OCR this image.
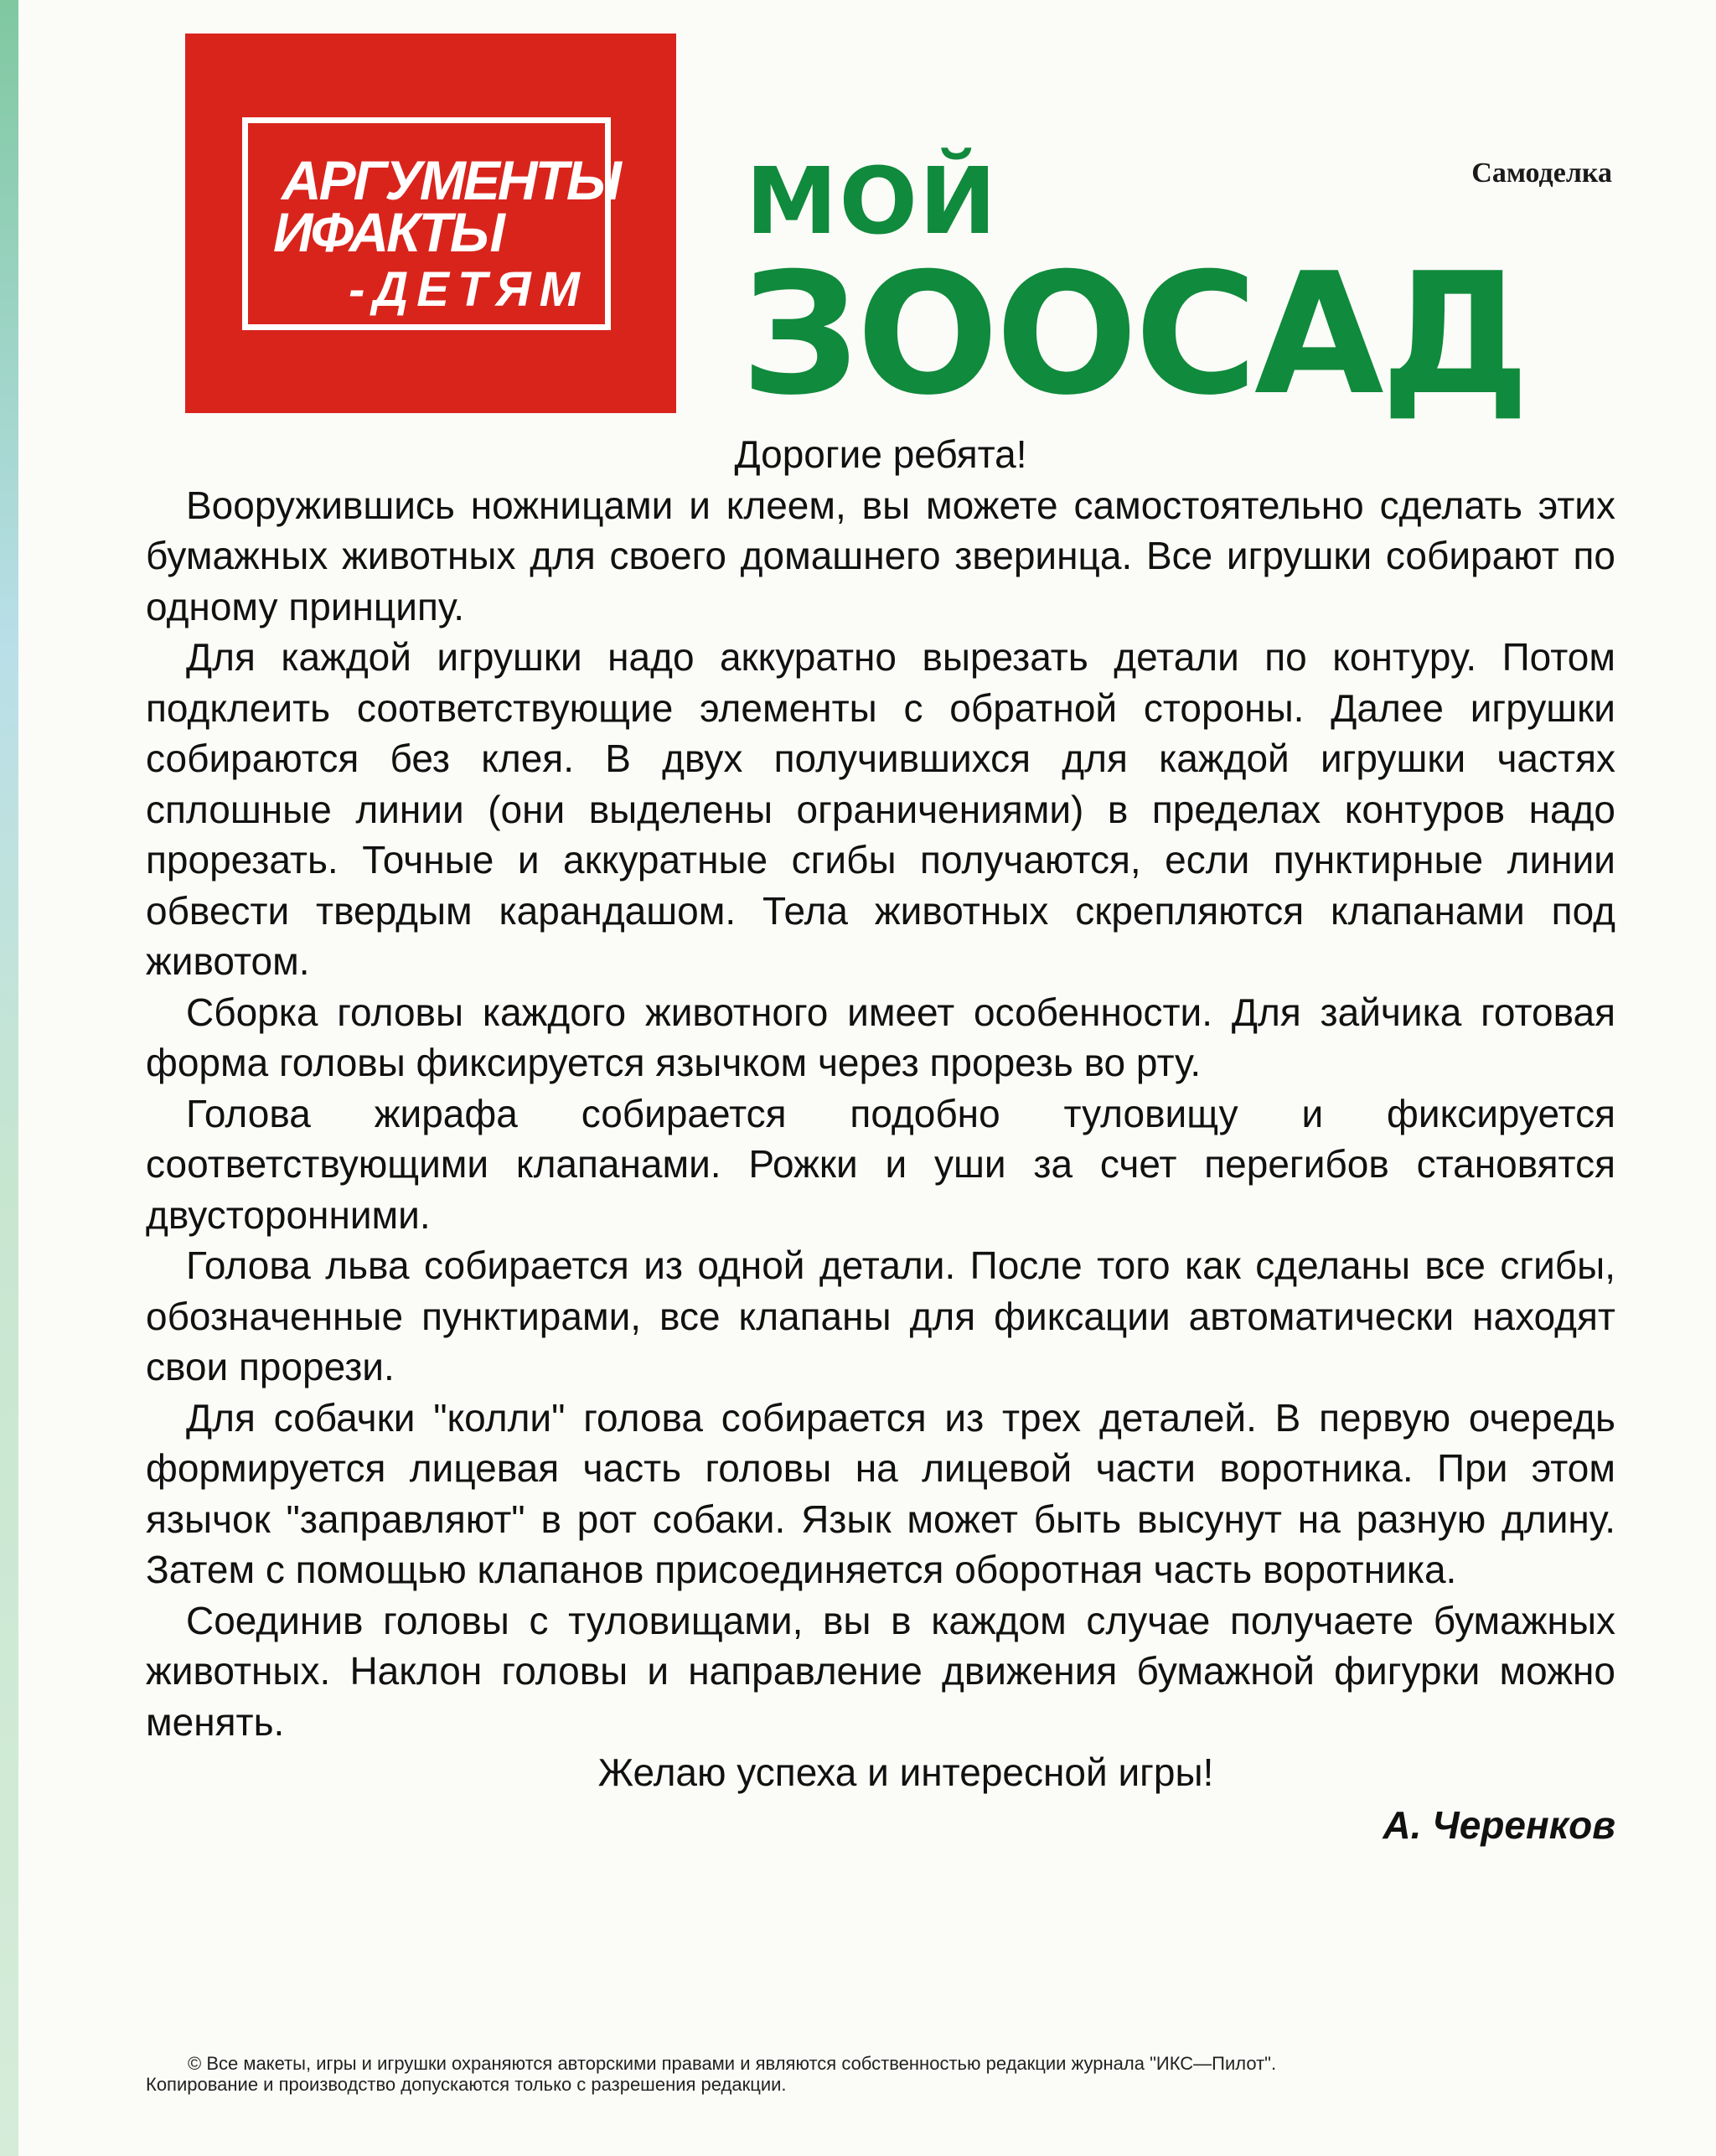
АРГУМЕНТЫ
ИФАКТЫ
-ДЕТЯМ
Самоделка
МОЙ
ЗООСАД

Дорогие ребята!

Вооружившись ножницами и клеем, вы можете самостоятельно сделать этих бумажных животных для своего домашнего зверинца. Все игрушки собирают по одному принципу.

Для каждой игрушки надо аккуратно вырезать детали по контуру. Потом подклеить соответствующие элементы с обратной стороны. Далее игрушки собираются без клея. В двух получившихся для каждой игрушки частях сплошные линии (они выделены ограничениями) в пределах контуров надо прорезать. Точные и аккуратные сгибы получаются, если пунктирные линии обвести твердым карандашом. Тела животных скрепляются клапанами под животом.

Сборка головы каждого животного имеет особенности. Для зайчика готовая форма головы фиксируется язычком через прорезь во рту.

Голова жирафа собирается подобно туловищу и фиксируется соответствующими клапанами. Рожки и уши за счет перегибов становятся двусторонними.

Голова льва собирается из одной детали. После того как сделаны все сгибы, обозначенные пунктирами, все клапаны для фиксации автоматически находят свои прорези.

Для собачки "колли" голова собирается из трех деталей. В первую очередь формируется лицевая часть головы на лицевой части воротника. При этом язычок "заправляют" в рот собаки. Язык может быть высунут на разную длину. Затем с помощью клапанов присоединяется оборотная часть воротника.

Соединив головы с туловищами, вы в каждом случае получаете бумажных животных. Наклон головы и направление движения бумажной фигурки можно менять.

Желаю успеха и интересной игры!

А. Черенков

© Все макеты, игры и игрушки охраняются авторскими правами и являются собственностью редакции журнала "ИКС—Пилот".

Копирование и производство допускаются только с разрешения редакции.
